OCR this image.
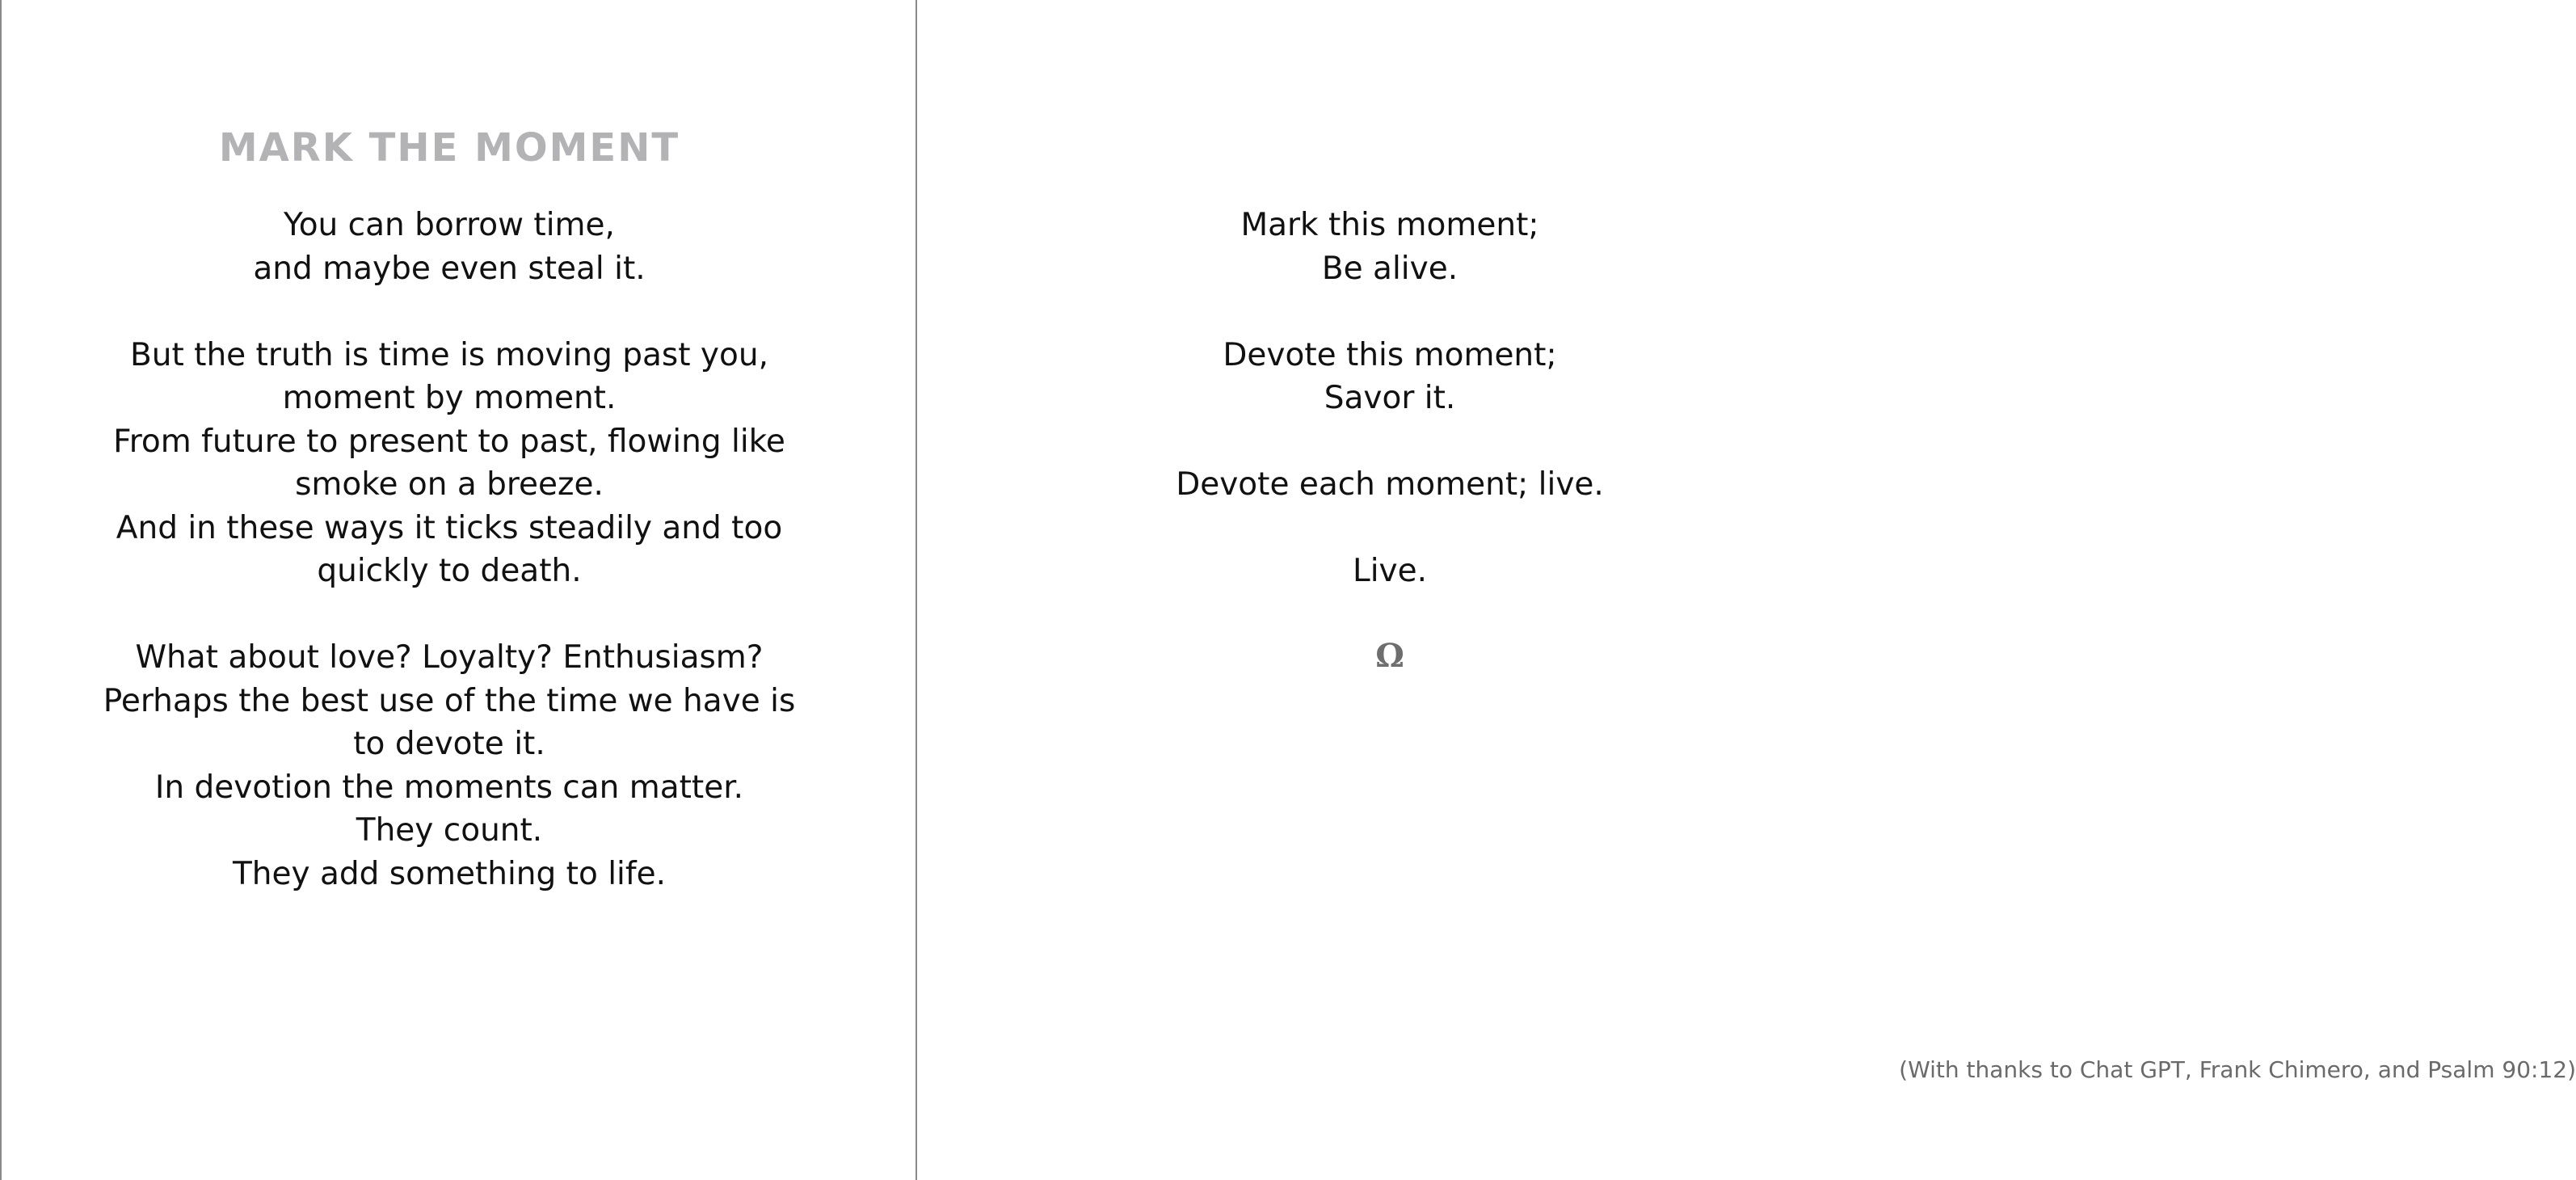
MARK THE MOMENT
You can borrow time,
and maybe even steal it.
But the truth is time is moving past you,
moment by moment.
From future to present to past, flowing like
smoke on a breeze.
And in these ways it ticks steadily and too
quickly to death.
What about love? Loyalty? Enthusiasm?
Perhaps the best use of the time we have is
to devote it.
In devotion the moments can matter.
They count.
They add something to life.
Mark this moment;
Be alive.
Devote this moment;
Savor it.
Devote each moment; live.
Live.
Ω
(With thanks to Chat GPT, Frank Chimero, and Psalm 90:12)
